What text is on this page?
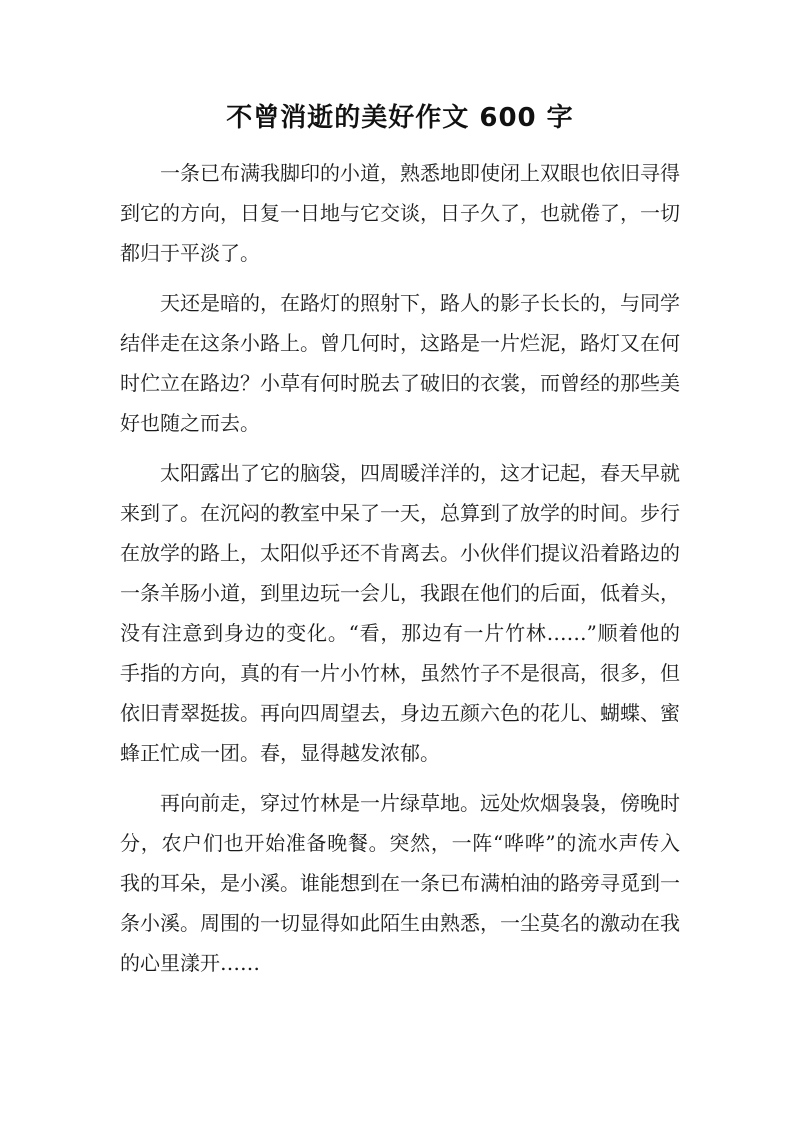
不曾消逝的美好作文 600 字

一条已布满我脚印的小道，熟悉地即使闭上双眼也依旧寻得到它的方向，日复一日地与它交谈，日子久了，也就倦了，一切都归于平淡了。

天还是暗的，在路灯的照射下，路人的影子长长的，与同学结伴走在这条小路上。曾几何时，这路是一片烂泥，路灯又在何时伫立在路边？小草有何时脱去了破旧的衣裳，而曾经的那些美好也随之而去。

太阳露出了它的脑袋，四周暖洋洋的，这才记起，春天早就来到了。在沉闷的教室中呆了一天，总算到了放学的时间。步行在放学的路上，太阳似乎还不肯离去。小伙伴们提议沿着路边的一条羊肠小道，到里边玩一会儿，我跟在他们的后面，低着头，没有注意到身边的变化。“看，那边有一片竹林……”顺着他的手指的方向，真的有一片小竹林，虽然竹子不是很高，很多，但依旧青翠挺拔。再向四周望去，身边五颜六色的花儿、蝴蝶、蜜蜂正忙成一团。春，显得越发浓郁。

再向前走，穿过竹林是一片绿草地。远处炊烟袅袅，傍晚时分，农户们也开始准备晚餐。突然，一阵“哗哗”的流水声传入我的耳朵，是小溪。谁能想到在一条已布满柏油的路旁寻觅到一条小溪。周围的一切显得如此陌生由熟悉，一尘莫名的激动在我的心里漾开……
